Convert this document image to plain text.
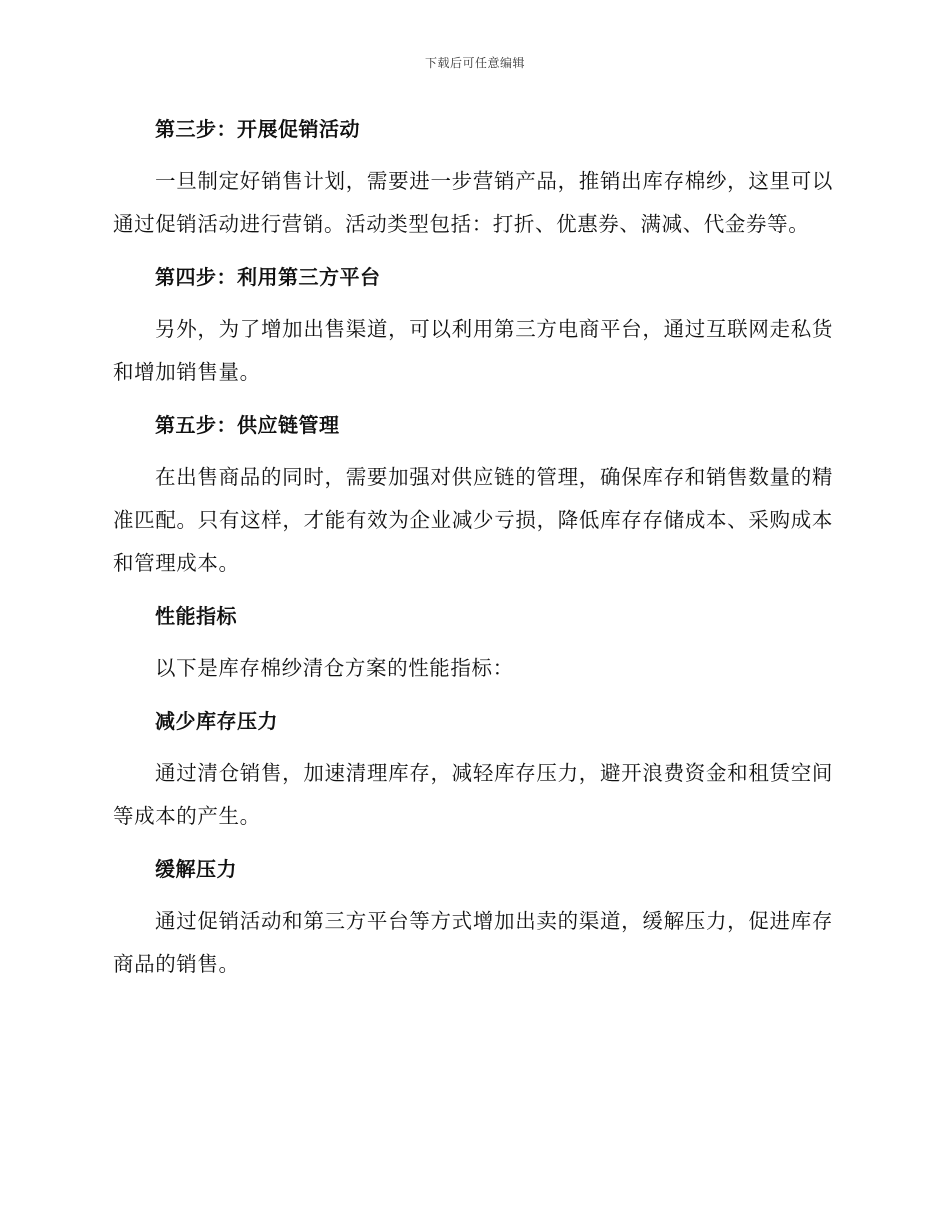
下载后可任意编辑
第三步：开展促销活动

一旦制定好销售计划，需要进一步营销产品，推销出库存棉纱，这里可以通过促销活动进行营销。活动类型包括：打折、优惠券、满减、代金券等。

第四步：利用第三方平台

另外，为了增加出售渠道，可以利用第三方电商平台，通过互联网走私货和增加销售量。

第五步：供应链管理

在出售商品的同时，需要加强对供应链的管理，确保库存和销售数量的精准匹配。只有这样，才能有效为企业减少亏损，降低库存存储成本、采购成本和管理成本。

性能指标

以下是库存棉纱清仓方案的性能指标：

减少库存压力

通过清仓销售，加速清理库存，减轻库存压力，避开浪费资金和租赁空间等成本的产生。

缓解压力

通过促销活动和第三方平台等方式增加出卖的渠道，缓解压力，促进库存商品的销售。
